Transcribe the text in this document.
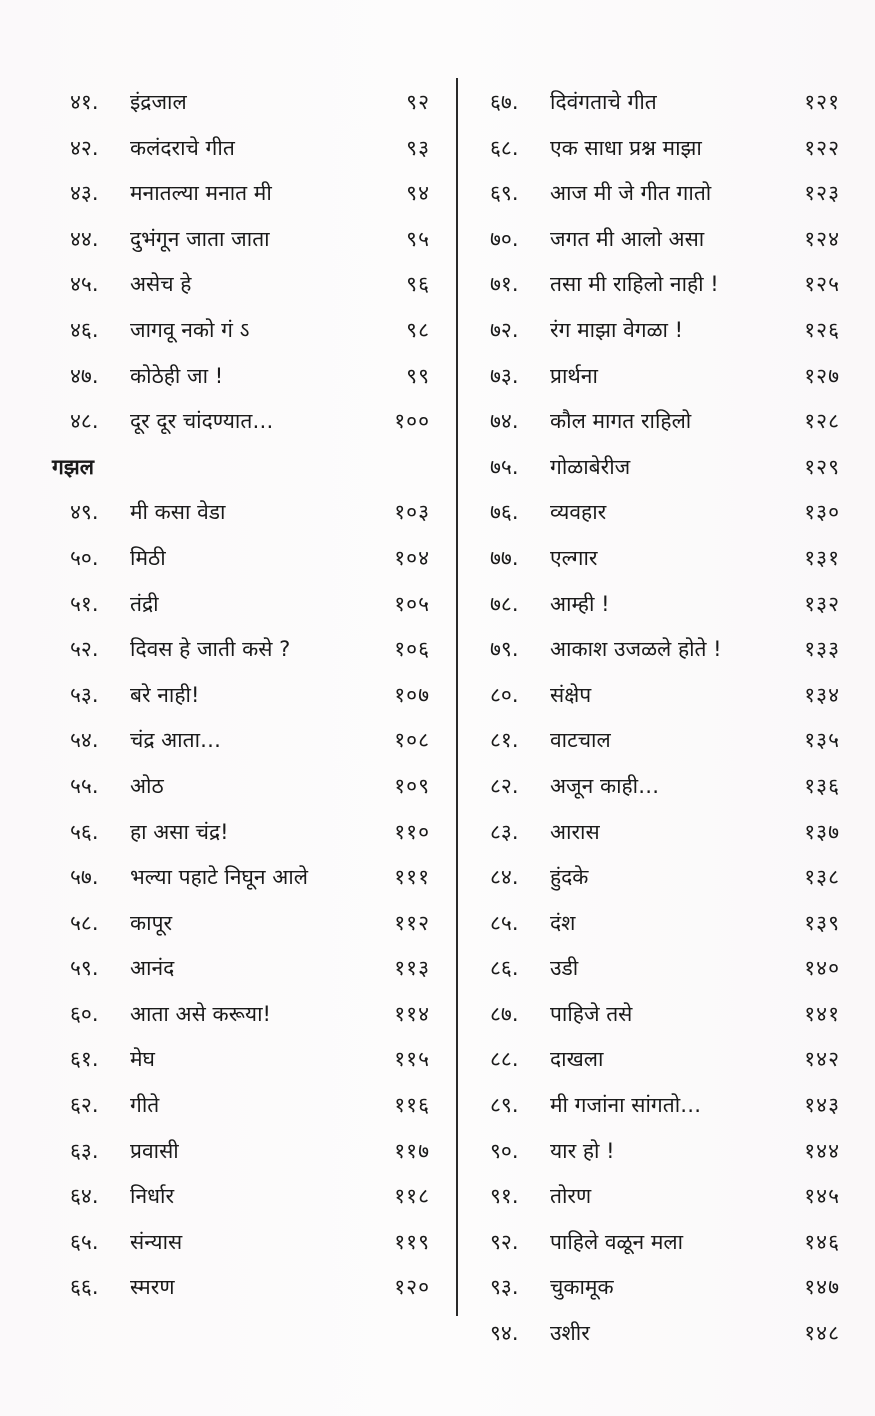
४१.	इंद्रजाल	९२
४२.	कलंदराचे गीत	९३
४३.	मनातल्या मनात मी	९४
४४.	दुभंगून जाता जाता	९५
४५.	असेच हे	९६
४६.	जागवू नको गं ऽ	९८
४७.	कोठेही जा !	९९
४८.	दूर दूर चांदण्यात…	१००
गझल
४९.	मी कसा वेडा	१०३
५०.	मिठी	१०४
५१.	तंद्री	१०५
५२.	दिवस हे जाती कसे ?	१०६
५३.	बरे नाही!	१०७
५४.	चंद्र आता…	१०८
५५.	ओठ	१०९
५६.	हा असा चंद्र!	११०
५७.	भल्या पहाटे निघून आले	१११
५८.	कापूर	११२
५९.	आनंद	११३
६०.	आता असे करूया!	११४
६१.	मेघ	११५
६२.	गीते	११६
६३.	प्रवासी	११७
६४.	निर्धार	११८
६५.	संन्यास	११९
६६.	स्मरण	१२०
६७.	दिवंगताचे गीत	१२१
६८.	एक साधा प्रश्न माझा	१२२
६९.	आज मी जे गीत गातो	१२३
७०.	जगत मी आलो असा	१२४
७१.	तसा मी राहिलो नाही !	१२५
७२.	रंग माझा वेगळा !	१२६
७३.	प्रार्थना	१२७
७४.	कौल मागत राहिलो	१२८
७५.	गोळाबेरीज	१२९
७६.	व्यवहार	१३०
७७.	एल्गार	१३१
७८.	आम्ही !	१३२
७९.	आकाश उजळले होते !	१३३
८०.	संक्षेप	१३४
८१.	वाटचाल	१३५
८२.	अजून काही…	१३६
८३.	आरास	१३७
८४.	हुंदके	१३८
८५.	दंश	१३९
८६.	उडी	१४०
८७.	पाहिजे तसे	१४१
८८.	दाखला	१४२
८९.	मी गजांना सांगतो…	१४३
९०.	यार हो !	१४४
९१.	तोरण	१४५
९२.	पाहिले वळून मला	१४६
९३.	चुकामूक	१४७
९४.	उशीर	१४८
